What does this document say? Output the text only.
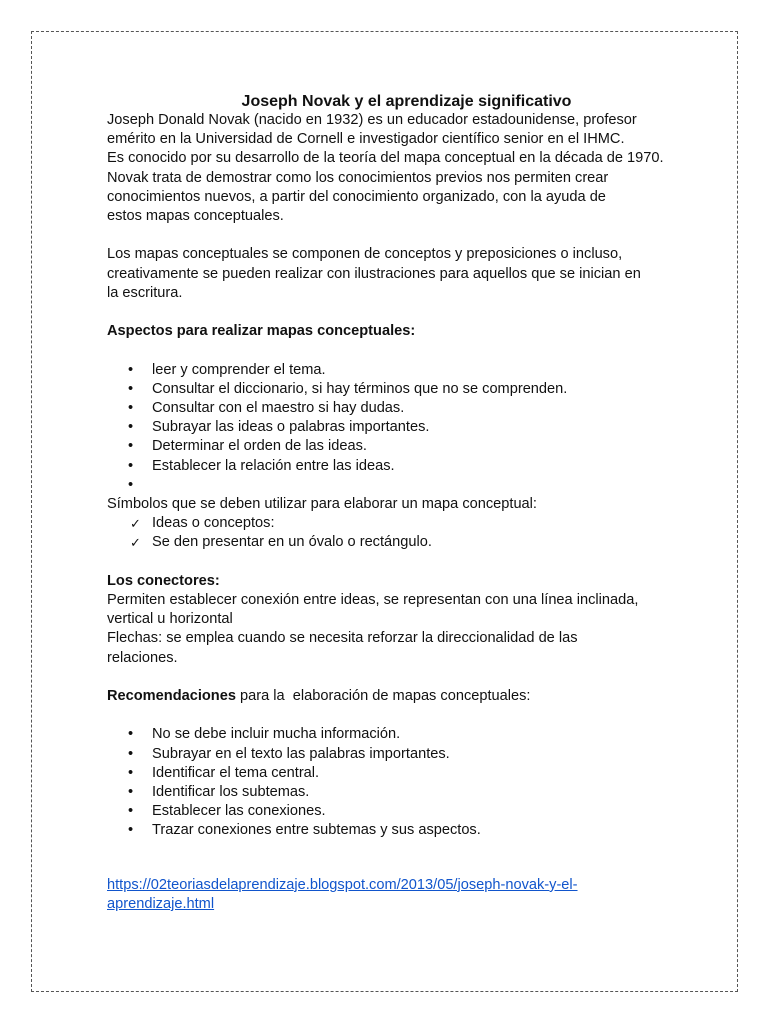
Joseph Novak y el aprendizaje significativo

Joseph Donald Novak (nacido en 1932) es un educador estadounidense, profesor
emérito en la Universidad de Cornell e investigador científico senior en el IHMC.
Es conocido por su desarrollo de la teoría del mapa conceptual en la década de 1970.
Novak trata de demostrar como los conocimientos previos nos permiten crear
conocimientos nuevos, a partir del conocimiento organizado, con la ayuda de
estos mapas conceptuales.

Los mapas conceptuales se componen de conceptos y preposiciones o incluso,
creativamente se pueden realizar con ilustraciones para aquellos que se inician en
la escritura.

Aspectos para realizar mapas conceptuales:

• leer y comprender el tema.
• Consultar el diccionario, si hay términos que no se comprenden.
• Consultar con el maestro si hay dudas.
• Subrayar las ideas o palabras importantes.
• Determinar el orden de las ideas.
• Establecer la relación entre las ideas.
•

Símbolos que se deben utilizar para elaborar un mapa conceptual:

✓ Ideas o conceptos:
✓ Se den presentar en un óvalo o rectángulo.

Los conectores:

Permiten establecer conexión entre ideas, se representan con una línea inclinada,
vertical u horizontal
Flechas: se emplea cuando se necesita reforzar la direccionalidad de las
relaciones.

Recomendaciones para la  elaboración de mapas conceptuales:

• No se debe incluir mucha información.
• Subrayar en el texto las palabras importantes.
• Identificar el tema central.
• Identificar los subtemas.
• Establecer las conexiones.
• Trazar conexiones entre subtemas y sus aspectos.
https://02teoriasdelaprendizaje.blogspot.com/2013/05/joseph-novak-y-el-
aprendizaje.html
